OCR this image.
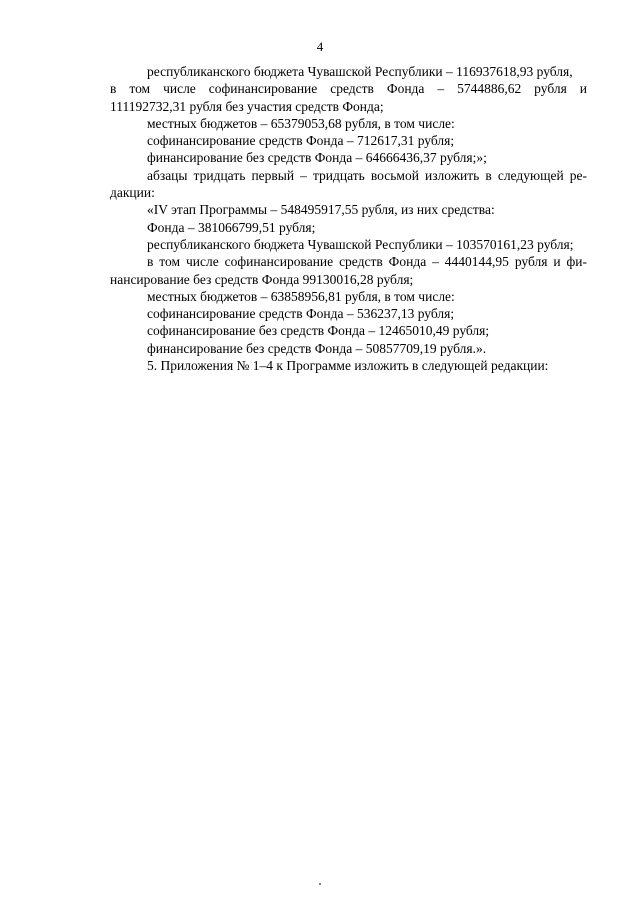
4
республиканского бюджета Чувашской Республики – 116937618,93 рубля,
в том числе софинансирование средств Фонда – 5744886,62 рубля и
111192732,31 рубля без участия средств Фонда;
местных бюджетов – 65379053,68 рубля, в том числе:
софинансирование средств Фонда – 712617,31 рубля;
финансирование без средств Фонда – 64666436,37 рубля;»;
абзацы тридцать первый – тридцать восьмой изложить в следующей ре-
дакции:
«IV этап Программы – 548495917,55 рубля, из них средства:
Фонда – 381066799,51 рубля;
республиканского бюджета Чувашской Республики – 103570161,23 рубля;
в том числе софинансирование средств Фонда – 4440144,95 рубля и фи-
нансирование без средств Фонда 99130016,28 рубля;
местных бюджетов – 63858956,81 рубля, в том числе:
софинансирование средств Фонда – 536237,13 рубля;
софинансирование без средств Фонда – 12465010,49 рубля;
финансирование без средств Фонда – 50857709,19 рубля.».
5. Приложения № 1–4 к Программе изложить в следующей редакции:
